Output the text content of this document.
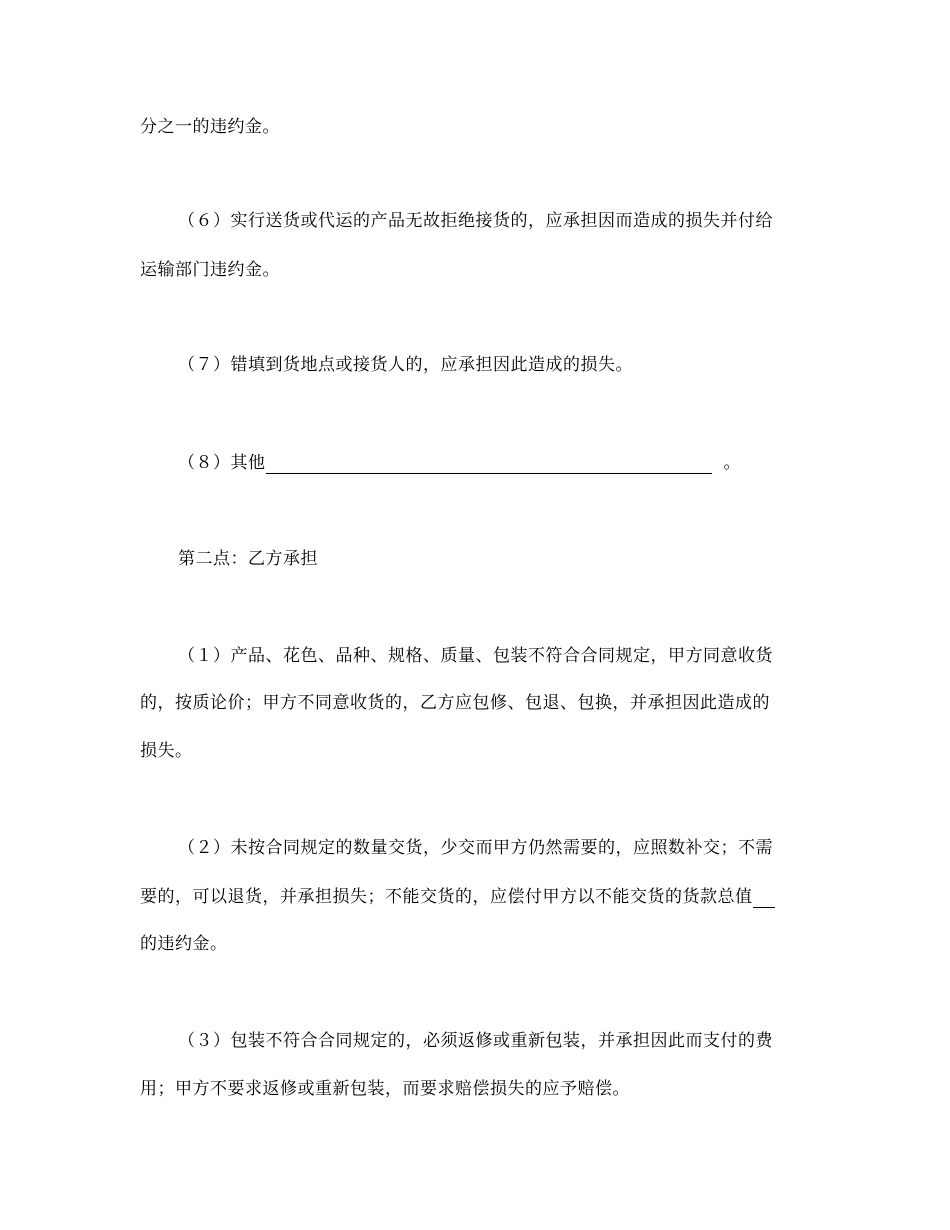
分之一的违约金。
（６）实行送货或代运的产品无故拒绝接货的，应承担因而造成的损失并付给
运输部门违约金。
（７）错填到货地点或接货人的，应承担因此造成的损失。
（８）其他	。
第二点：乙方承担
（１）产品、花色、品种、规格、质量、包装不符合合同规定，甲方同意收货
的，按质论价；甲方不同意收货的，乙方应包修、包退、包换，并承担因此造成的
损失。
（２）未按合同规定的数量交货，少交而甲方仍然需要的，应照数补交；不需
要的，可以退货，并承担损失；不能交货的，应偿付甲方以不能交货的货款总值
的违约金。
（３）包装不符合合同规定的，必须返修或重新包装，并承担因此而支付的费
用；甲方不要求返修或重新包装，而要求赔偿损失的应予赔偿。
